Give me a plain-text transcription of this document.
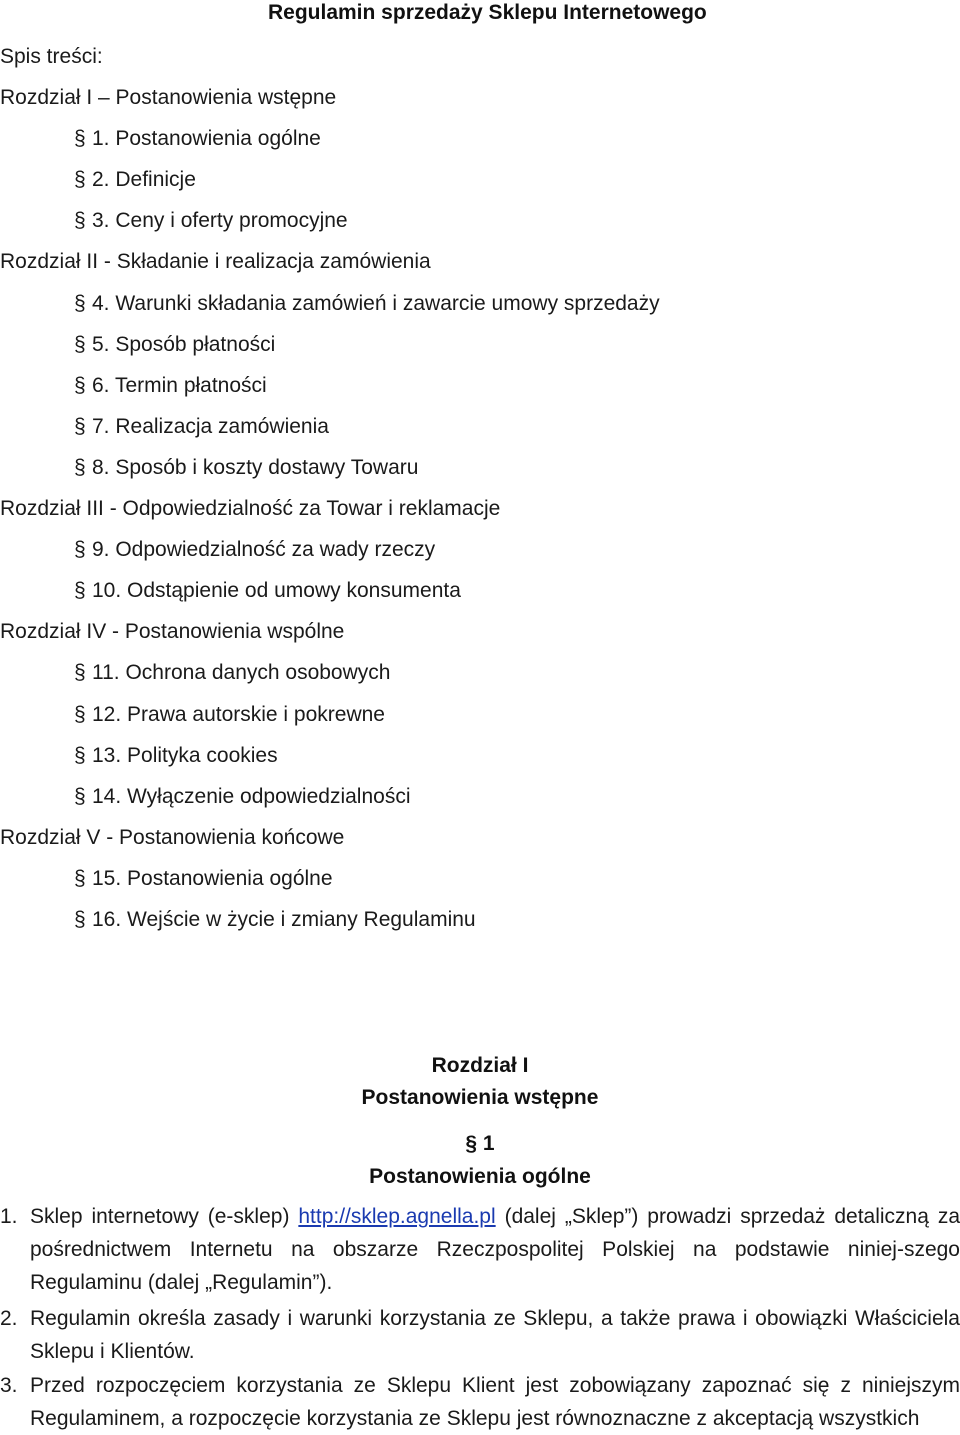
Regulamin sprzedaży Sklepu Internetowego
Spis treści:
Rozdział I – Postanowienia wstępne
§ 1. Postanowienia ogólne
§ 2. Definicje
§ 3. Ceny i oferty promocyjne
Rozdział II - Składanie i realizacja zamówienia
§ 4. Warunki składania zamówień i zawarcie umowy sprzedaży
§ 5. Sposób płatności
§ 6. Termin płatności
§ 7. Realizacja zamówienia
§ 8. Sposób i koszty dostawy Towaru
Rozdział III - Odpowiedzialność za Towar i reklamacje
§ 9. Odpowiedzialność za wady rzeczy
§ 10. Odstąpienie od umowy konsumenta
Rozdział IV - Postanowienia wspólne
§ 11. Ochrona danych osobowych
§ 12. Prawa autorskie i pokrewne
§ 13. Polityka cookies
§ 14. Wyłączenie odpowiedzialności
Rozdział V - Postanowienia końcowe
§ 15. Postanowienia ogólne
§ 16. Wejście w życie i zmiany Regulaminu
Rozdział I
Postanowienia wstępne
§ 1
Postanowienia ogólne
1. Sklep internetowy (e-sklep) http://sklep.agnella.pl (dalej „Sklep”) prowadzi sprzedaż detaliczną za pośrednictwem Internetu na obszarze Rzeczpospolitej Polskiej na podstawie niniej-szego Regulaminu (dalej „Regulamin”).

2. Regulamin określa zasady i warunki korzystania ze Sklepu, a także prawa i obowiązki Właściciela Sklepu i Klientów.

3. Przed rozpoczęciem korzystania ze Sklepu Klient jest zobowiązany zapoznać się z niniejszym Regulaminem, a rozpoczęcie korzystania ze Sklepu jest równoznaczne z akceptacją wszystkich
